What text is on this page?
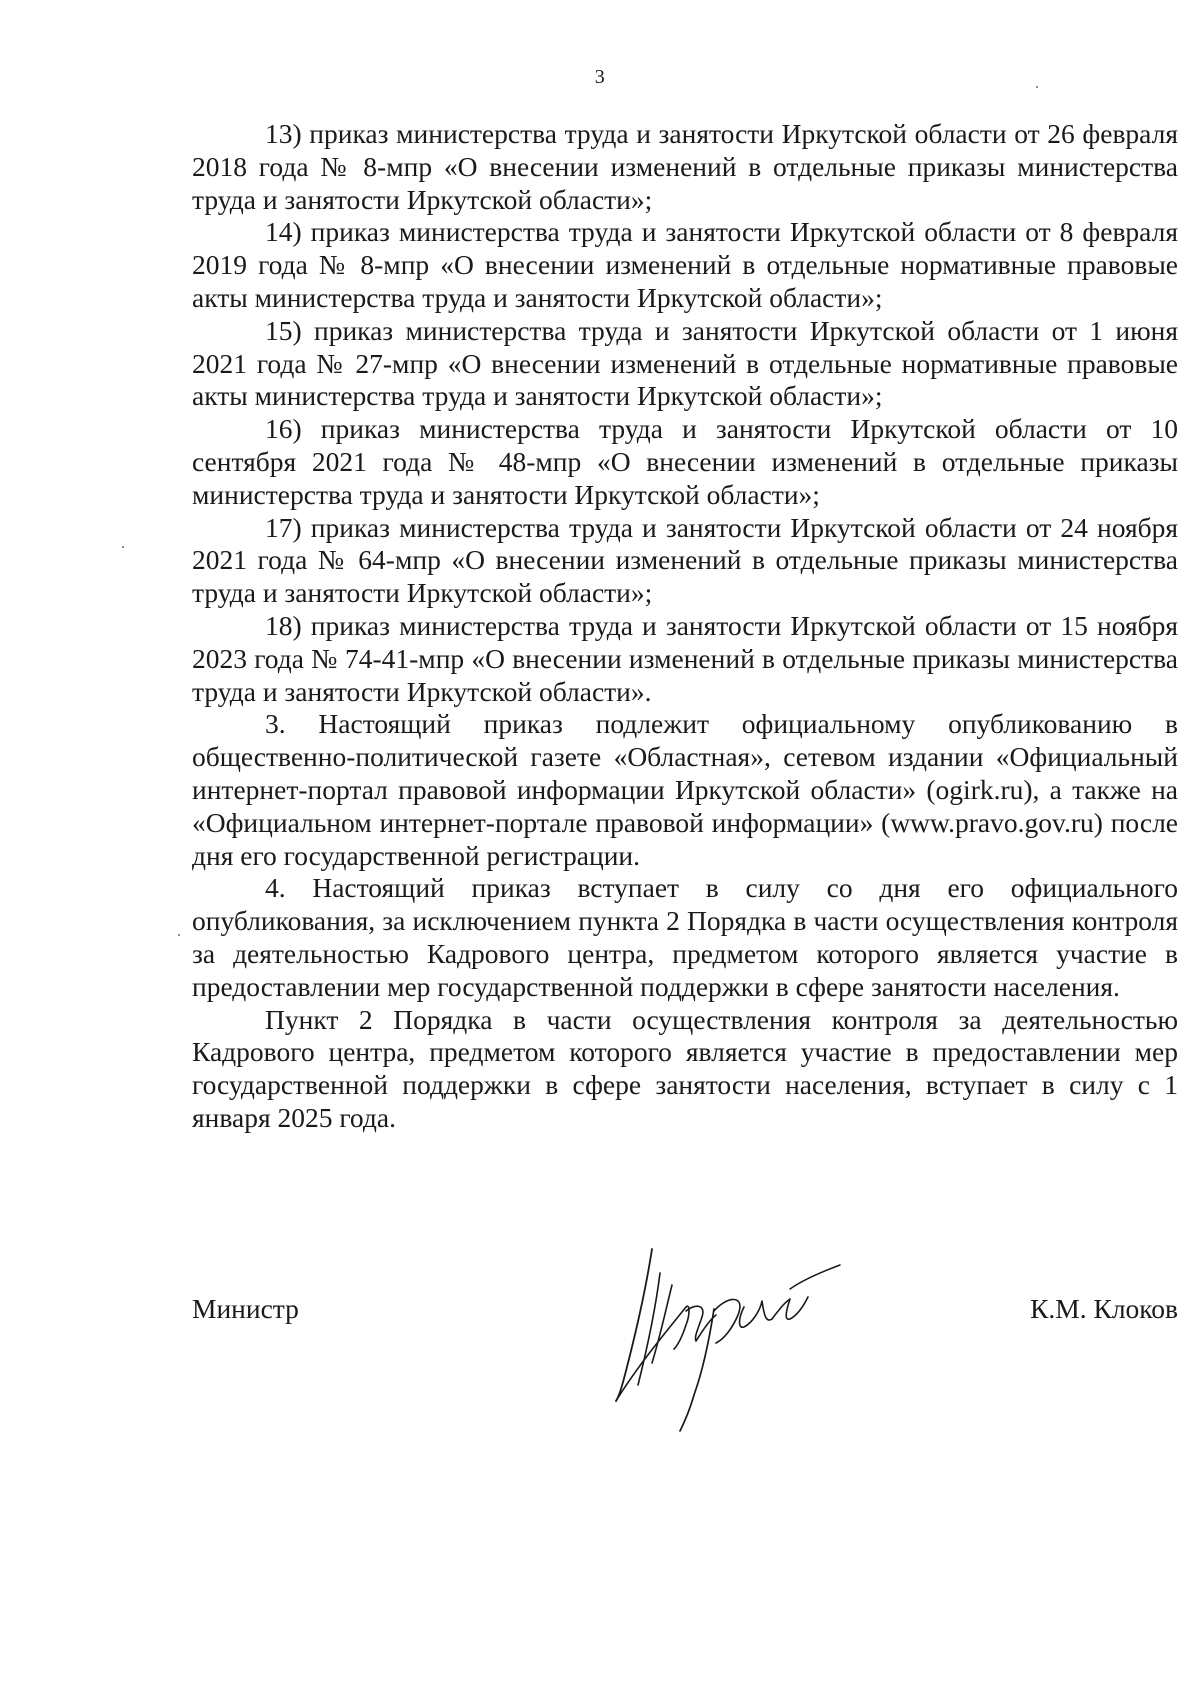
3

13) приказ министерства труда и занятости Иркутской области от 26 февраля 2018 года № 8-мпр «О внесении изменений в отдельные приказы министерства труда и занятости Иркутской области»;

14) приказ министерства труда и занятости Иркутской области от 8 февраля 2019 года № 8-мпр «О внесении изменений в отдельные нормативные правовые акты министерства труда и занятости Иркутской области»;

15) приказ министерства труда и занятости Иркутской области от 1 июня 2021 года № 27-мпр «О внесении изменений в отдельные нормативные правовые акты министерства труда и занятости Иркутской области»;

16) приказ министерства труда и занятости Иркутской области от 10 сентября 2021 года № 48-мпр «О внесении изменений в отдельные приказы министерства труда и занятости Иркутской области»;

17) приказ министерства труда и занятости Иркутской области от 24 ноября 2021 года № 64-мпр «О внесении изменений в отдельные приказы министерства труда и занятости Иркутской области»;

18) приказ министерства труда и занятости Иркутской области от 15 ноября 2023 года № 74-41-мпр «О внесении изменений в отдельные приказы министерства труда и занятости Иркутской области».

3. Настоящий приказ подлежит официальному опубликованию в общественно-политической газете «Областная», сетевом издании «Официальный интернет-портал правовой информации Иркутской области» (ogirk.ru), а также на «Официальном интернет-портале правовой информации» (www.pravo.gov.ru) после дня его государственной регистрации.

4. Настоящий приказ вступает в силу со дня его официального опубликования, за исключением пункта 2 Порядка в части осуществления контроля за деятельностью Кадрового центра, предметом которого является участие в предоставлении мер государственной поддержки в сфере занятости населения.

Пункт 2 Порядка в части осуществления контроля за деятельностью Кадрового центра, предметом которого является участие в предоставлении мер государственной поддержки в сфере занятости населения, вступает в силу с 1 января 2025 года.

Министр	К.М. Клоков
